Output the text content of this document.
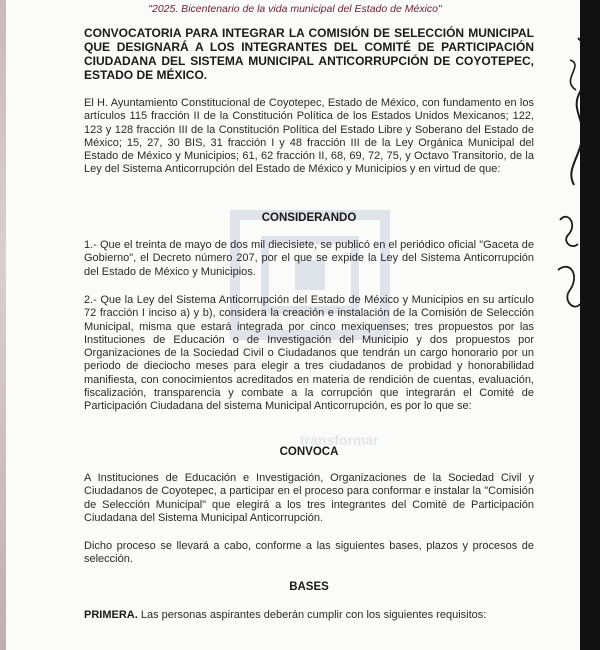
"2025. Bicentenario de la vida municipal del Estado de México"
CONVOCATORIA PARA INTEGRAR LA COMISIÓN DE SELECCIÓN MUNICIPAL QUE DESIGNARÁ A LOS INTEGRANTES DEL COMITÉ DE PARTICIPACIÓN CIUDADANA DEL SISTEMA MUNICIPAL ANTICORRUPCIÓN DE COYOTEPEC, ESTADO DE MÉXICO.

El H. Ayuntamiento Constitucional de Coyotepec, Estado de México, con fundamento en los artículos 115 fracción II de la Constitución Política de los Estados Unidos Mexicanos; 122, 123 y 128 fracción III de la Constitución Política del Estado Libre y Soberano del Estado de México; 15, 27, 30 BIS, 31 fracción I y 48 fracción III de la Ley Orgánica Municipal del Estado de México y Municipios; 61, 62 fracción II, 68, 69, 72, 75, y Octavo Transitorio, de la Ley del Sistema Anticorrupción del Estado de México y Municipios y en virtud de que:

CONSIDERANDO

1.- Que el treinta de mayo de dos mil diecisiete, se publicó en el periódico oficial "Gaceta de Gobierno", el Decreto número 207, por el que se expide la Ley del Sistema Anticorrupción del Estado de México y Municipios.

2.- Que la Ley del Sistema Anticorrupción del Estado de México y Municipios en su artículo 72 fracción I inciso a) y b), considera la creación e instalación de la Comisión de Selección Municipal, misma que estará integrada por cinco mexiquenses; tres propuestos por las Instituciones de Educación o de Investigación del Municipio y dos propuestos por Organizaciones de la Sociedad Civil o Ciudadanos que tendrán un cargo honorario por un periodo de dieciocho meses para elegir a tres ciudadanos de probidad y honorabilidad manifiesta, con conocimientos acreditados en materia de rendición de cuentas, evaluación, fiscalización, transparencia y combate a la corrupción que integrarán el Comité de Participación Ciudadana del sistema Municipal Anticorrupción, es por lo que se:

transformar
CONVOCA

A Instituciones de Educación e Investigación, Organizaciones de la Sociedad Civil y Ciudadanos de Coyotepec, a participar en el proceso para conformar e instalar la "Comisión de Selección Municipal" que elegirá a los tres integrantes del Comité de Participación Ciudadana del Sistema Municipal Anticorrupción.

Dicho proceso se llevará a cabo, conforme a las siguientes bases, plazos y procesos de selección.

BASES

PRIMERA. Las personas aspirantes deberán cumplir con los siguientes requisitos:
